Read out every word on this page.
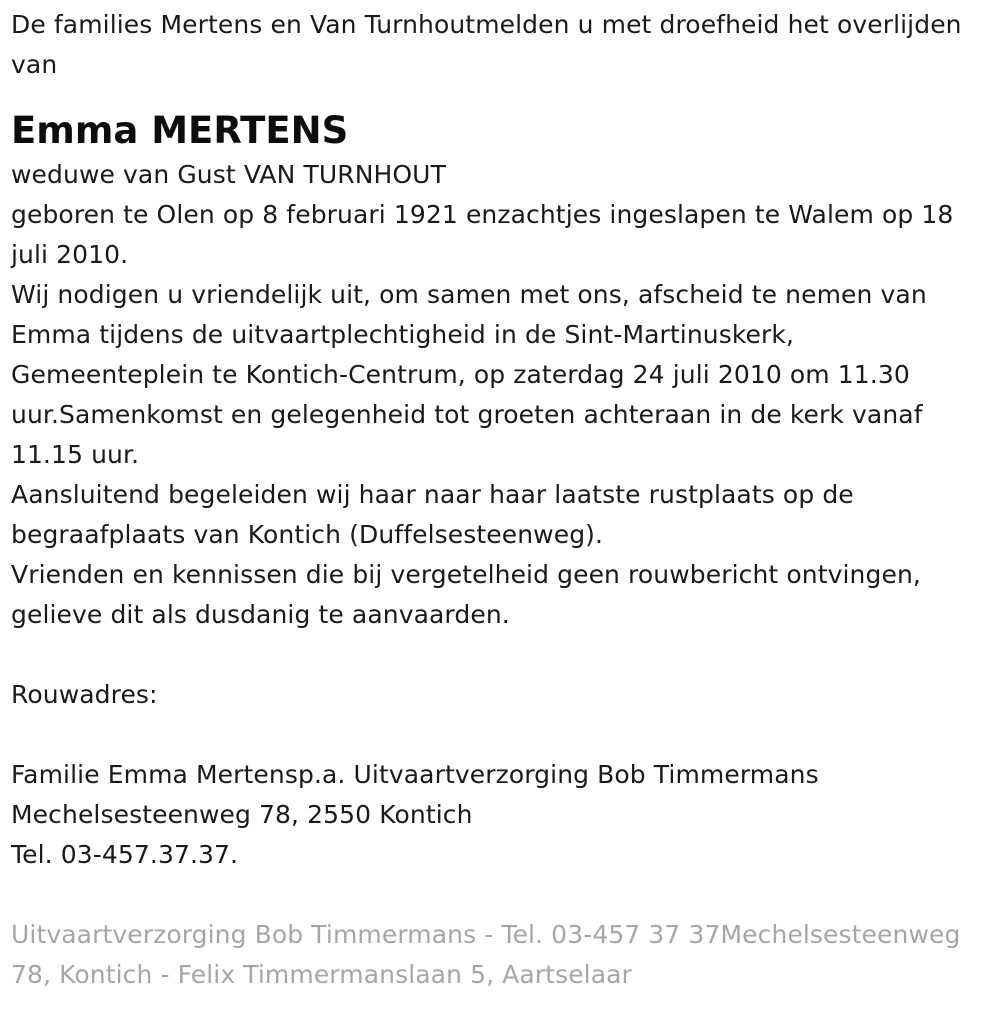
De families Mertens en Van Turnhoutmelden u met droefheid het overlijden van

Emma MERTENS

weduwe van Gust VAN TURNHOUT

geboren te Olen op 8 februari 1921 enzachtjes ingeslapen te Walem op 18 juli 2010.

Wij nodigen u vriendelijk uit, om samen met ons, afscheid te nemen van Emma tijdens de uitvaartplechtigheid in de Sint-Martinuskerk, Gemeenteplein te Kontich-Centrum, op zaterdag 24 juli 2010 om 11.30 uur.Samenkomst en gelegenheid tot groeten achteraan in de kerk vanaf 11.15 uur.

Aansluitend begeleiden wij haar naar haar laatste rustplaats op de begraafplaats van Kontich (Duffelsesteenweg).

Vrienden en kennissen die bij vergetelheid geen rouwbericht ontvingen, gelieve dit als dusdanig te aanvaarden.

Rouwadres:

Familie Emma Mertensp.a. Uitvaartverzorging Bob Timmermans

Mechelsesteenweg 78, 2550 Kontich

Tel. 03-457.37.37.

Uitvaartverzorging Bob Timmermans - Tel. 03-457 37 37Mechelsesteenweg 78, Kontich - Felix Timmermanslaan 5, Aartselaar
